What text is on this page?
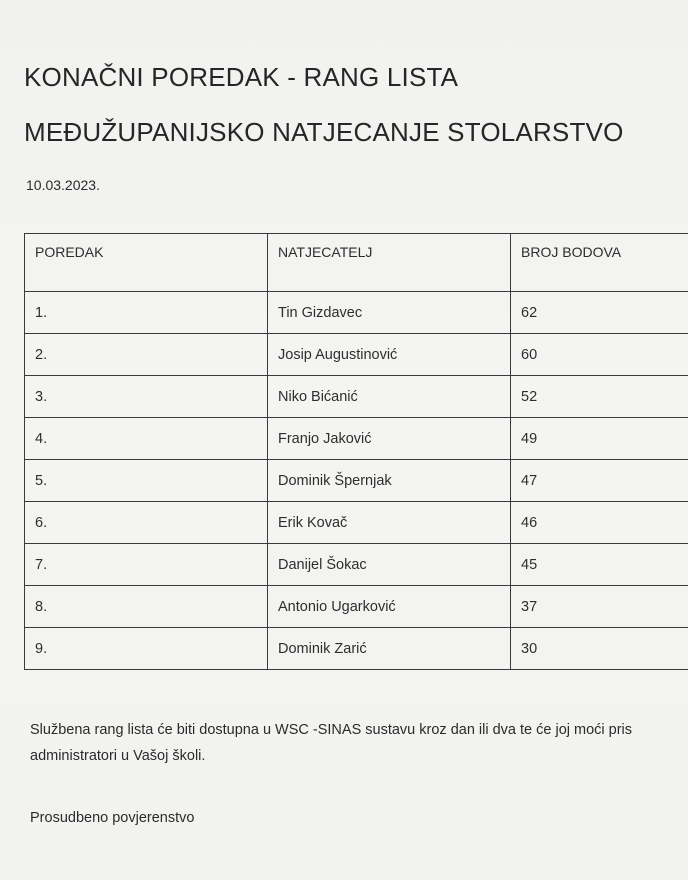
KONAČNI POREDAK - RANG LISTA
MEĐUŽUPANIJSKO NATJECANJE STOLARSTVO
10.03.2023.
POREDAK	NATJECATELJ	BROJ BODOVA
1.	Tin Gizdavec	62
2.	Josip Augustinović	60
3.	Niko Bićanić	52
4.	Franjo Jaković	49
5.	Dominik Špernjak	47
6.	Erik Kovač	46
7.	Danijel Šokac	45
8.	Antonio Ugarković	37
9.	Dominik Zarić	30
Službena rang lista će biti dostupna u WSC -SINAS sustavu kroz dan ili dva te će joj moći pris
administratori u Vašoj školi.
Prosudbeno povjerenstvo
